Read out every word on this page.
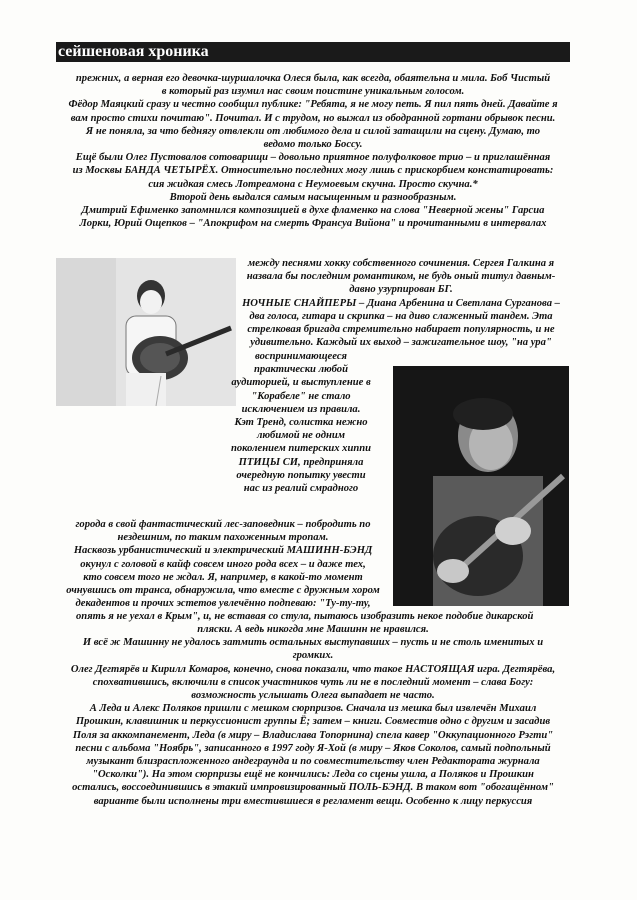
сейшеновая хроника
прежних, а верная его девочка-шуршалочка Олеся была, как всегда, обаятельна и мила. Боб Чистый
в который раз изумил нас своим поистине уникальным голосом.
Фёдор Маяцкий сразу и честно сообщил публике: "Ребята, я не могу петь. Я пил пять дней. Давайте я
вам просто стихи почитаю". Почитал. И с трудом, но выжал из ободранной гортани обрывок песни.
Я не поняла, за что беднягу отвлекли от любимого дела и силой затащили на сцену. Думаю, то
ведомо только Боссу.
Ещё были Олег Пустовалов сотоварищи – довольно приятное полуфолковое трио – и приглашённая
из Москвы БАНДА ЧЕТЫРЁХ. Относительно последних могу лишь с прискорбием констатировать:
сия жидкая смесь Лотреамона с Неумоевым скучна. Просто скучна.*
Второй день выдался самым насыщенным и разнообразным.
Дмитрий Ефименко запомнился композицией в духе фламенко на слова "Неверной жены" Гарсиа
Лорки, Юрий Ощепков – "Апокрифом на смерть Франсуа Вийона" и прочитанными в интервалах
между песнями хокку собственного сочинения. Сергея Галкина я
назвала бы последним романтиком, не будь оный титул давным-
давно узурпирован БГ.
НОЧНЫЕ СНАЙПЕРЫ – Диана Арбенина и Светлана Сурганова –
два голоса, гитара и скрипка – на диво слаженный тандем. Эта
стрелковая бригада стремительно набирает популярность, и не
удивительно. Каждый их выход – зажигательное шоу, "на ура"
воспринимающееся
практически любой
аудиторией, и выступление в
"Корабеле" не стало
исключением из правила.
Кэт Тренд, солистка нежно
любимой не одним
поколением питерских хиппи
ПТИЦЫ СИ, предприняла
очередную попытку увести
нас из реалий смрадного
города в свой фантастический лес-заповедник – побродить по
нездешним, по таким пахоженным тропам.
Насквозь урбанистический и электрический МАШИНН-БЭНД
окунул с головой в кайф совсем иного рода всех – и даже тех,
кто совсем того не ждал. Я, например, в какой-то момент
очнувшись от транса, обнаружила, что вместе с дружным хором
декадентов и прочих эстетов увлечённо подпеваю: "Ту-ту-ту,
опять я не уехал в Крым", и, не вставая со стула, пытаюсь изобразить некое подобие дикарской
пляски. А ведь никогда мне Машинн не нравился.
И всё ж Машинну не удалось затмить остальных выступавших – пусть и не столь именитых и
громких.
Олег Дегтярёв и Кирилл Комаров, конечно, снова показали, что такое НАСТОЯЩАЯ игра. Дегтярёва,
спохватившись, включили в список участников чуть ли не в последний момент – слава Богу:
возможность услышать Олега выпадает не часто.
А Леда и Алекс Поляков пришли с мешком сюрпризов. Сначала из мешка был извлечён Михаил
Прошкин, клавишник и перкуссионист группы Ё; затем – книги. Совместив одно с другим и засадив
Поля за аккомпанемент, Леда (в миру – Владислава Топорнина) спела кавер "Оккупационного Рэгти"
песни с альбома "Ноябрь", записанного в 1997 году Я-Хой (в миру – Яков Соколов, самый подпольный
музыкант близраспложенного андеграунда и по совместительству член Редактората журнала
"Осколки"). На этом сюрпризы ещё не кончились: Леда со сцены ушла, а Поляков и Прошкин
остались, воссоединившись в этакий импровизированный ПОЛЬ-БЭНД. В таком вот "обогащённом"
варианте были исполнены три вместившиеся в регламент вещи. Особенно к лицу перкуссия
